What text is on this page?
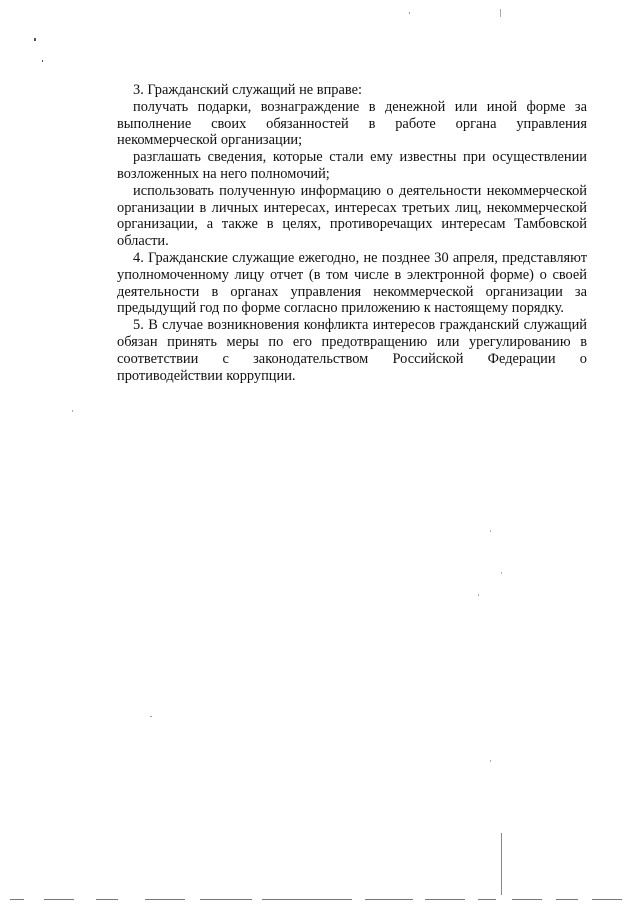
3. Гражданский служащий не вправе:

получать подарки, вознаграждение в денежной или иной форме за выполнение своих обязанностей в работе органа управления некоммерческой организации;

разглашать сведения, которые стали ему известны при осуществлении возложенных на него полномочий;

использовать полученную информацию о деятельности некоммерческой организации в личных интересах, интересах третьих лиц, некоммерческой организации, а также в целях, противоречащих интересам Тамбовской области.

4. Гражданские служащие ежегодно, не позднее 30 апреля, представляют уполномоченному лицу отчет (в том числе в электронной форме) о своей деятельности в органах управления некоммерческой организации за предыдущий год по форме согласно приложению к настоящему порядку.

5. В случае возникновения конфликта интересов гражданский служащий обязан принять меры по его предотвращению или урегулированию в соответствии с законодательством Российской Федерации о противодействии коррупции.
